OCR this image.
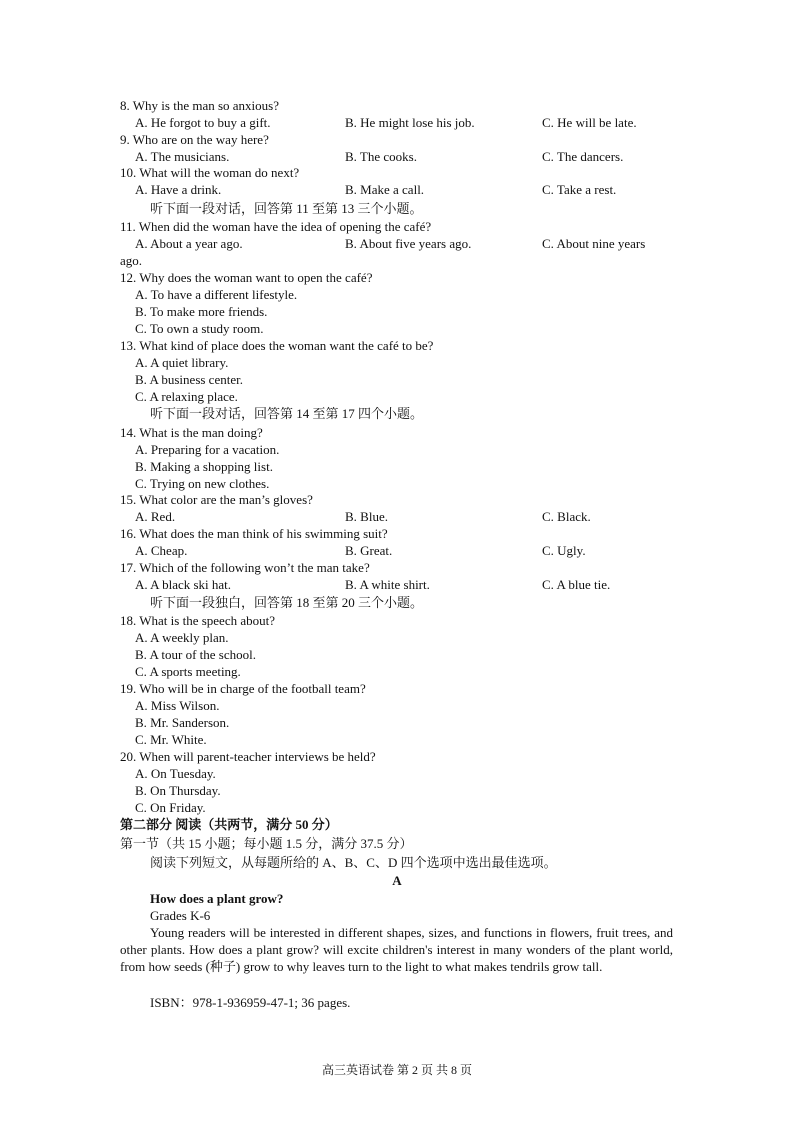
8. Why is the man so anxious?
A. He forgot to buy a gift.	B. He might lose his job.	C. He will be late.
9. Who are on the way here?
A. The musicians.	B. The cooks.	C. The dancers.
10. What will the woman do next?
A. Have a drink.	B. Make a call.	C. Take a rest.
听下面一段对话，回答第 11 至第 13 三个小题。
11. When did the woman have the idea of opening the café?
A. About a year ago.	B. About five years ago.	C. About nine years
ago.
12. Why does the woman want to open the café?
A. To have a different lifestyle.
B. To make more friends.
C. To own a study room.
13. What kind of place does the woman want the café to be?
A. A quiet library.
B. A business center.
C. A relaxing place.
听下面一段对话，回答第 14 至第 17 四个小题。
14. What is the man doing?
A. Preparing for a vacation.
B. Making a shopping list.
C. Trying on new clothes.
15. What color are the man’s gloves?
A. Red.	B. Blue.	C. Black.
16. What does the man think of his swimming suit?
A. Cheap.	B. Great.	C. Ugly.
17. Which of the following won’t the man take?
A. A black ski hat.	B. A white shirt.	C. A blue tie.
听下面一段独白，回答第 18 至第 20 三个小题。
18. What is the speech about?
A. A weekly plan.
B. A tour of the school.
C. A sports meeting.
19. Who will be in charge of the football team?
A. Miss Wilson.
B. Mr. Sanderson.
C. Mr. White.
20. When will parent-teacher interviews be held?
A. On Tuesday.
B. On Thursday.
C. On Friday.
第二部分 阅读（共两节，满分 50 分）
第一节（共 15 小题；每小题 1.5 分，满分 37.5 分）
阅读下列短文，从每题所给的 A、B、C、D 四个选项中选出最佳选项。
A
How does a plant grow?
Grades K-6
Young readers will be interested in different shapes, sizes, and functions in flowers, fruit trees, and other plants. How does a plant grow? will excite children's interest in many wonders of the plant world, from how seeds (种子) grow to why leaves turn to the light to what makes tendrils grow tall.
ISBN：978-1-936959-47-1; 36 pages.
高三英语试卷 第 2 页 共 8 页
